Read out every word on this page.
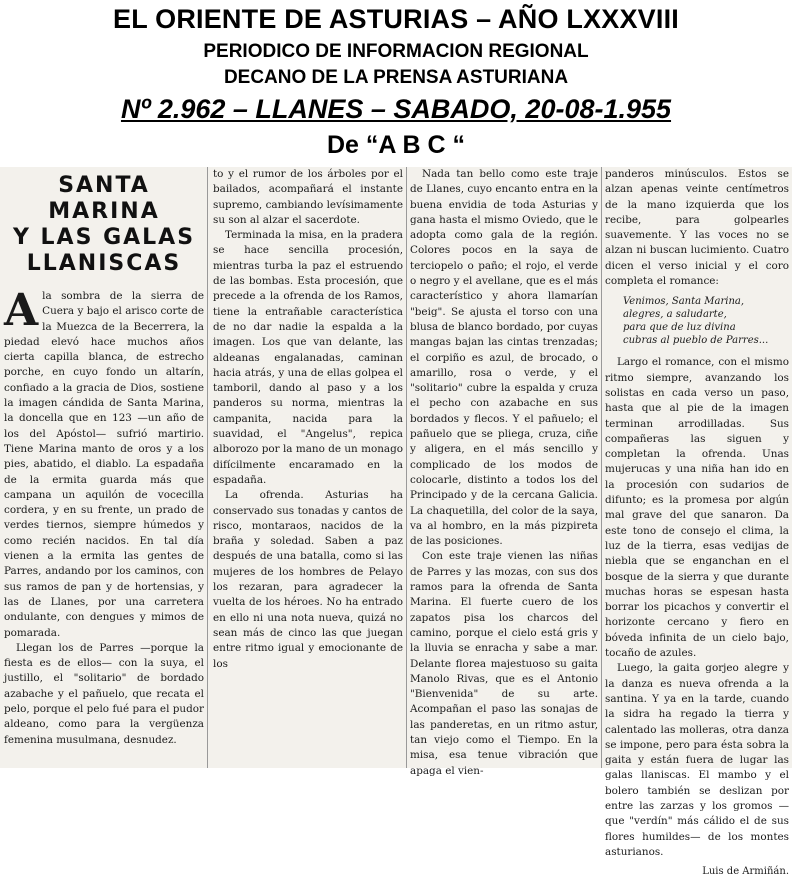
EL ORIENTE DE ASTURIAS – AÑO LXXXVIII
PERIODICO DE INFORMACION REGIONAL
DECANO DE LA PRENSA ASTURIANA
Nº 2.962 – LLANES – SABADO, 20-08-1.955
De “A B C “
SANTA MARINA
Y LAS GALAS LLANISCAS

Ala sombra de la sierra de Cuera y bajo el arisco corte de la Muezca de la Becerrera, la piedad elevó hace muchos años cierta capilla blanca, de estrecho porche, en cuyo fondo un altarín, confiado a la gracia de Dios, sostiene la imagen cándida de Santa Marina, la doncella que en 123 —un año de los del Apóstol— sufrió martirio. Tiene Marina manto de oros y a los pies, abatido, el diablo. La espadaña de la ermita guarda más que campana un aquilón de vocecilla cordera, y en su frente, un prado de verdes tiernos, siempre húmedos y como recién nacidos. En tal día vienen a la ermita las gentes de Parres, andando por los caminos, con sus ramos de pan y de hortensias, y las de Llanes, por una carretera ondulante, con dengues y mimos de pomarada.

Llegan los de Parres —porque la fiesta es de ellos— con la suya, el justillo, el "solitario" de bordado azabache y el pañuelo, que recata el pelo, porque el pelo fué para el pudor aldeano, como para la vergüenza femenina musulmana, desnudez.

to y el rumor de los árboles por el bailados, acompañará el instante supremo, cambiando levísimamente su son al alzar el sacerdote.

Terminada la misa, en la pradera se hace sencilla procesión, mientras turba la paz el estruendo de las bombas. Esta procesión, que precede a la ofrenda de los Ramos, tiene la entrañable característica de no dar nadie la espalda a la imagen. Los que van delante, las aldeanas engalanadas, caminan hacia atrás, y una de ellas golpea el tamboril, dando al paso y a los panderos su norma, mientras la campanita, nacida para la suavidad, el "Angelus", repica alborozo por la mano de un monago difícilmente encaramado en la espadaña.

La ofrenda. Asturias ha conservado sus tonadas y cantos de risco, montaraos, nacidos de la braña y soledad. Saben a paz después de una batalla, como si las mujeres de los hombres de Pelayo los rezaran, para agradecer la vuelta de los héroes. No ha entrado en ello ni una nota nueva, quizá no sean más de cinco las que juegan entre ritmo igual y emocionante de los

Nada tan bello como este traje de Llanes, cuyo encanto entra en la buena envidia de toda Asturias y gana hasta el mismo Oviedo, que le adopta como gala de la región. Colores pocos en la saya de terciopelo o paño; el rojo, el verde o negro y el avellane, que es el más característico y ahora llamarían "beig". Se ajusta el torso con una blusa de blanco bordado, por cuyas mangas bajan las cintas trenzadas; el corpiño es azul, de brocado, o amarillo, rosa o verde, y el "solitario" cubre la espalda y cruza el pecho con azabache en sus bordados y flecos. Y el pañuelo; el pañuelo que se pliega, cruza, ciñe y aligera, en el más sencillo y complicado de los modos de colocarle, distinto a todos los del Principado y de la cercana Galicia. La chaquetilla, del color de la saya, va al hombro, en la más pizpireta de las posiciones.

Con este traje vienen las niñas de Parres y las mozas, con sus dos ramos para la ofrenda de Santa Marina. El fuerte cuero de los zapatos pisa los charcos del camino, porque el cielo está gris y la lluvia se enracha y sabe a mar. Delante florea majestuoso su gaita Manolo Rivas, que es el Antonio "Bienvenida" de su arte. Acompañan el paso las sonajas de las panderetas, en un ritmo astur, tan viejo como el Tiempo. En la misa, esa tenue vibración que apaga el vien-

panderos minúsculos. Estos se alzan apenas veinte centímetros de la mano izquierda que los recibe, para golpearles suavemente. Y las voces no se alzan ni buscan lucimiento. Cuatro dicen el verso inicial y el coro completa el romance:

Venimos, Santa Marina,
alegres, a saludarte,
para que de luz divina
cubras al pueblo de Parres...

Largo el romance, con el mismo ritmo siempre, avanzando los solistas en cada verso un paso, hasta que al pie de la imagen terminan arrodilladas. Sus compañeras las siguen y completan la ofrenda. Unas mujerucas y una niña han ido en la procesión con sudarios de difunto; es la promesa por algún mal grave del que sanaron. Da este tono de consejo el clima, la luz de la tierra, esas vedijas de niebla que se enganchan en el bosque de la sierra y que durante muchas horas se espesan hasta borrar los picachos y convertir el horizonte cercano y fiero en bóveda infinita de un cielo bajo, tocaño de azules.

Luego, la gaita gorjeo alegre y la danza es nueva ofrenda a la santina. Y ya en la tarde, cuando la sidra ha regado la tierra y calentado las molleras, otra danza se impone, pero para ésta sobra la gaita y están fuera de lugar las galas llaniscas. El mambo y el bolero también se deslizan por entre las zarzas y los gromos —que "verdín" más cálido el de sus flores humildes— de los montes asturianos.

Luis de Armiñán.
